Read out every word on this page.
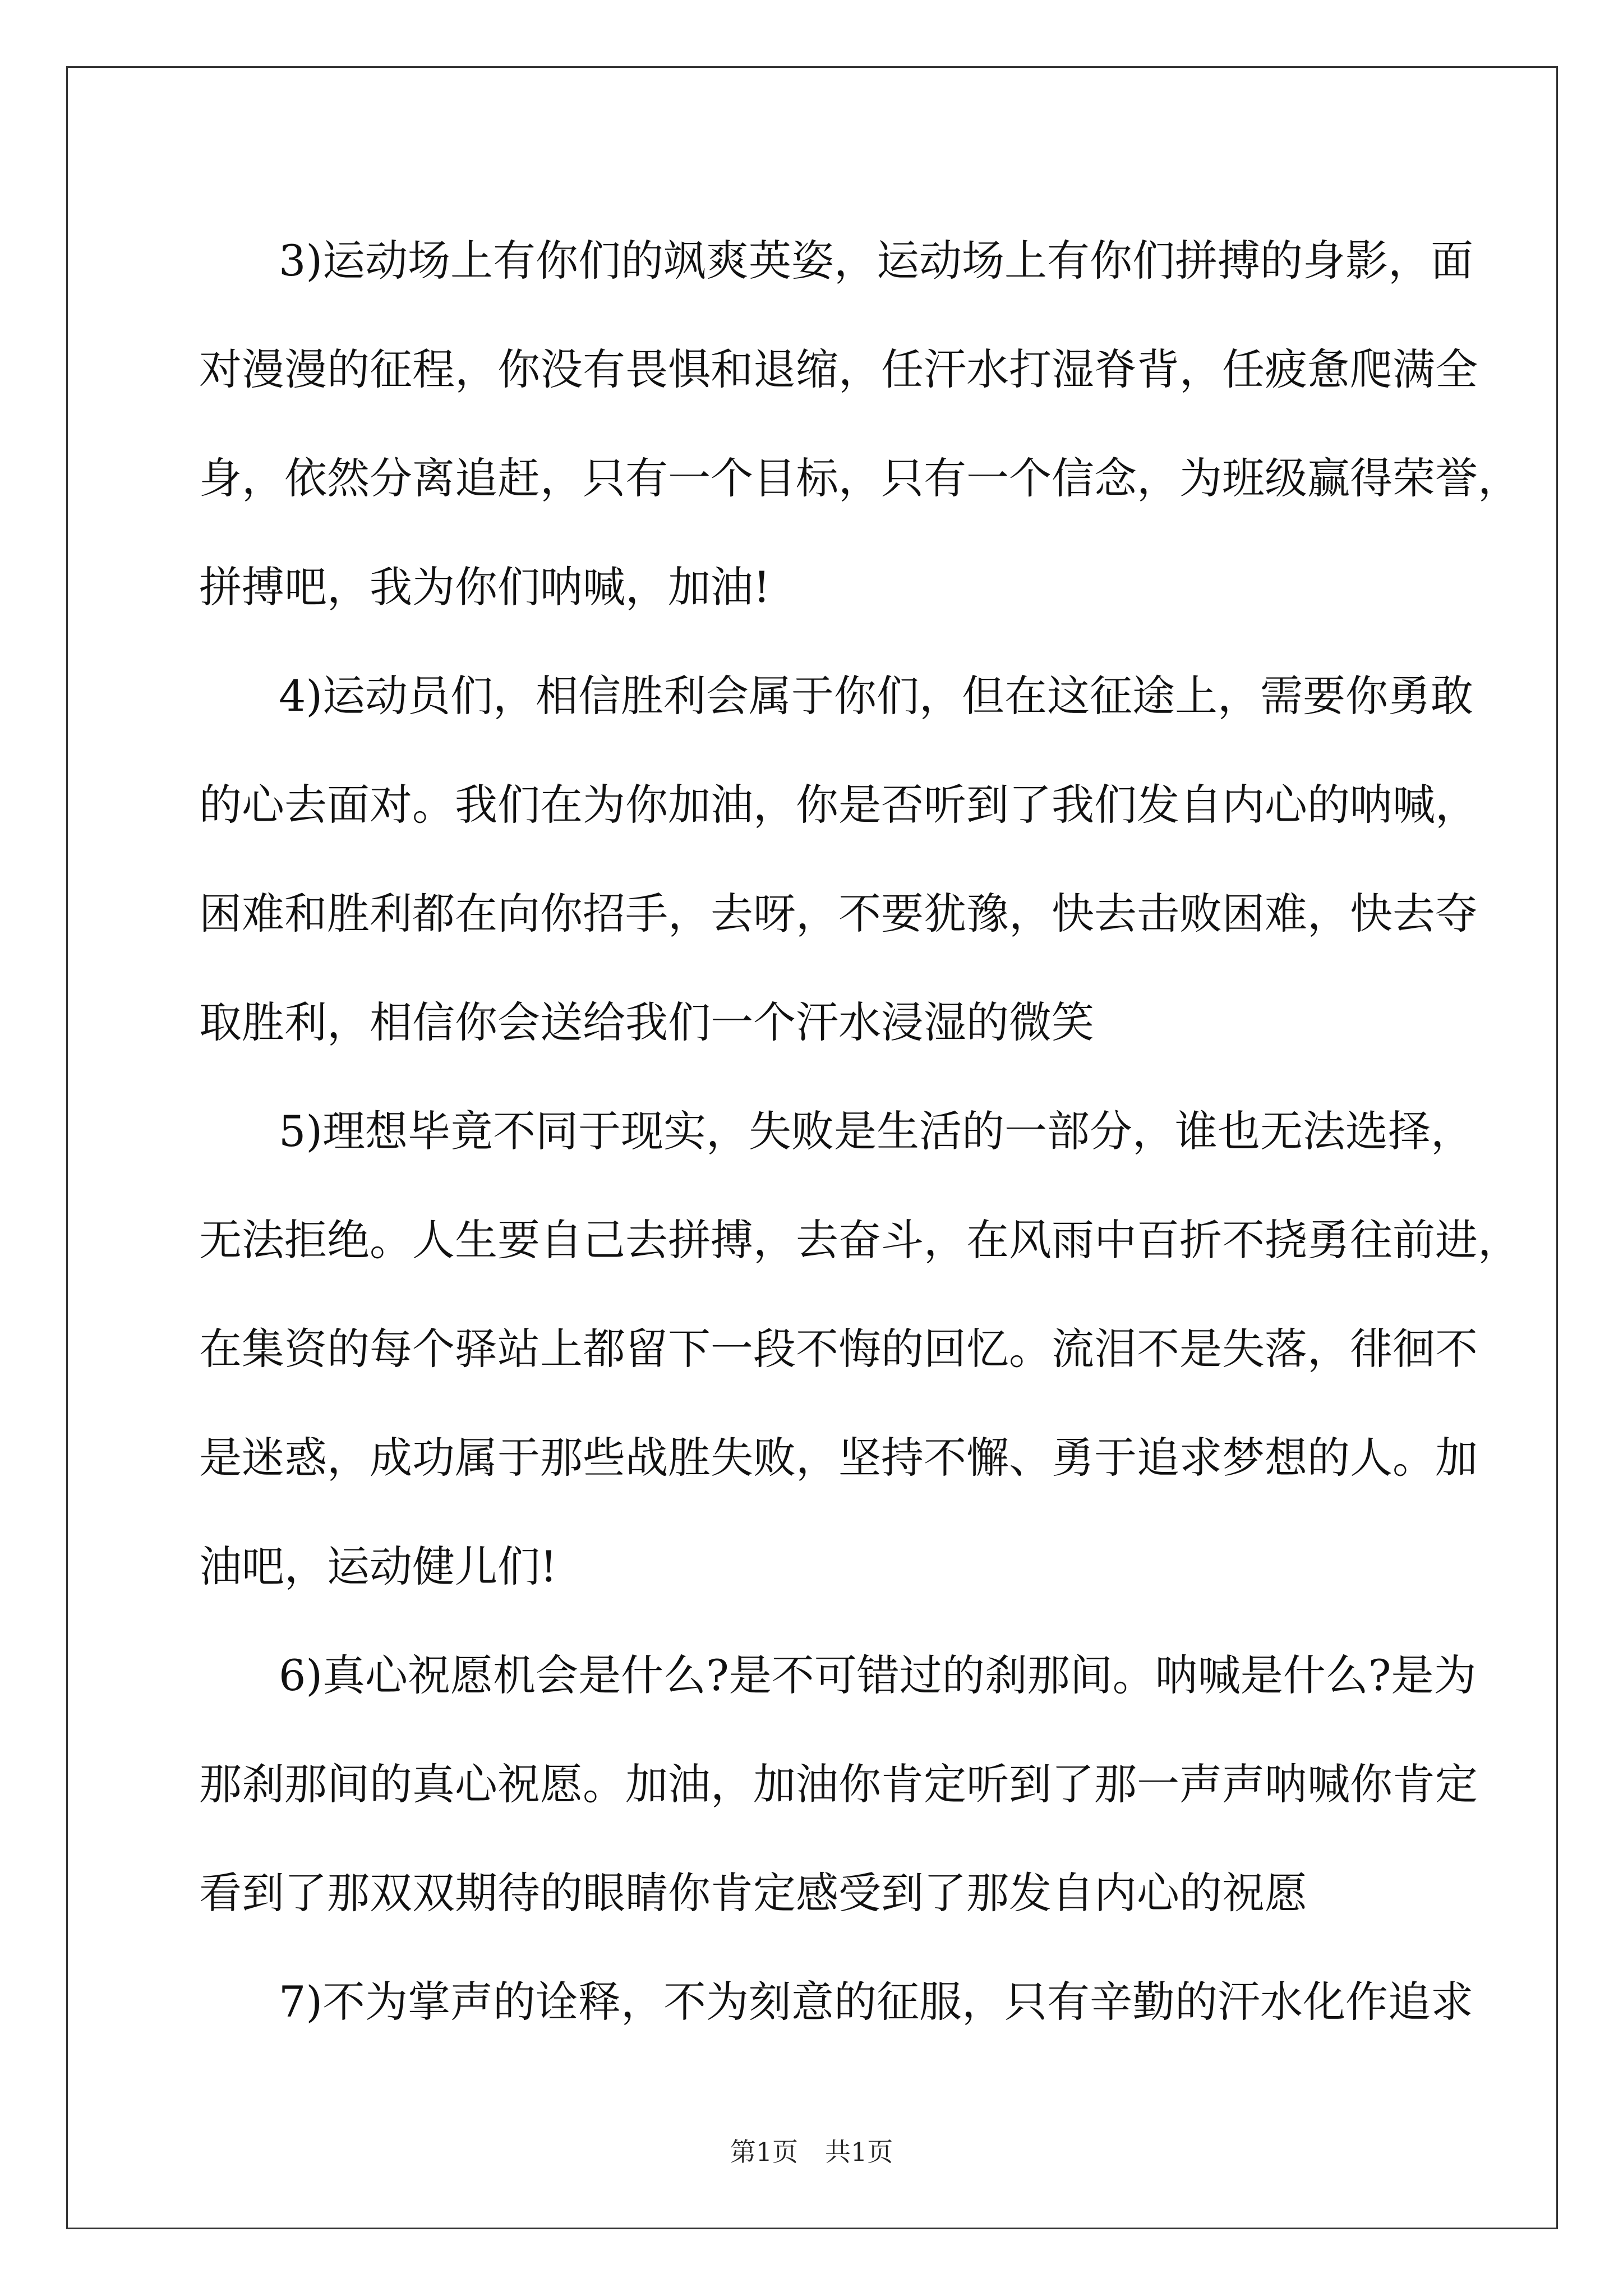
3)运动场上有你们的飒爽英姿，运动场上有你们拼搏的身影，面
对漫漫的征程，你没有畏惧和退缩，任汗水打湿脊背，任疲惫爬满全
身，依然分离追赶，只有一个目标，只有一个信念，为班级赢得荣誉，
拼搏吧，我为你们呐喊，加油!
4)运动员们，相信胜利会属于你们，但在这征途上，需要你勇敢
的心去面对。我们在为你加油，你是否听到了我们发自内心的呐喊，
困难和胜利都在向你招手，去呀，不要犹豫，快去击败困难，快去夺
取胜利，相信你会送给我们一个汗水浸湿的微笑
5)理想毕竟不同于现实，失败是生活的一部分，谁也无法选择，
无法拒绝。人生要自己去拼搏，去奋斗，在风雨中百折不挠勇往前进，
在集资的每个驿站上都留下一段不悔的回忆。流泪不是失落，徘徊不
是迷惑，成功属于那些战胜失败，坚持不懈、勇于追求梦想的人。加
油吧，运动健儿们!
6)真心祝愿机会是什么?是不可错过的刹那间。呐喊是什么?是为
那刹那间的真心祝愿。加油，加油你肯定听到了那一声声呐喊你肯定
看到了那双双期待的眼睛你肯定感受到了那发自内心的祝愿
7)不为掌声的诠释，不为刻意的征服，只有辛勤的汗水化作追求
第1页 共1页
